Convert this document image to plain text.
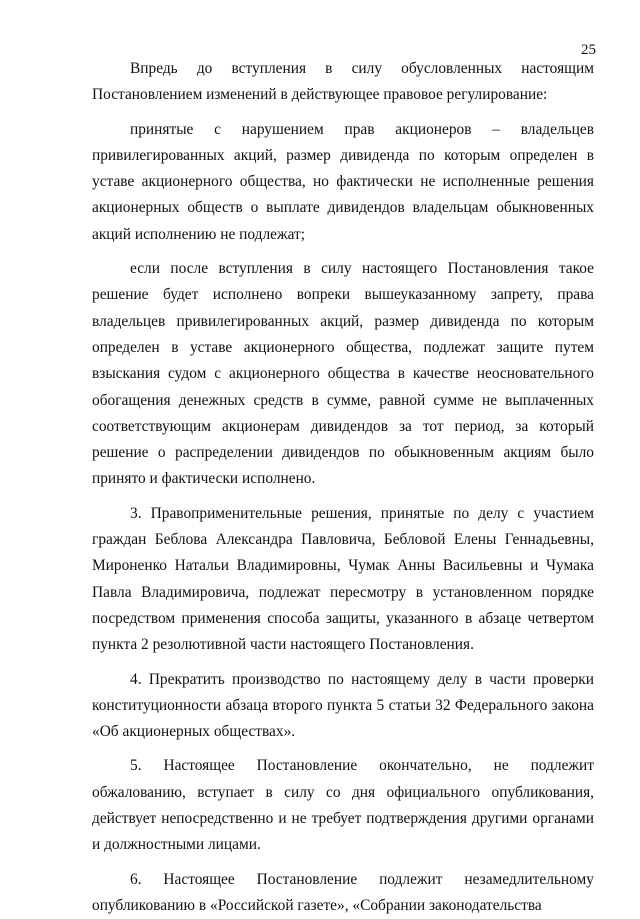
25

Впредь до вступления в силу обусловленных настоящим Постановлением изменений в действующее правовое регулирование:

принятые с нарушением прав акционеров – владельцев привилегированных акций, размер дивиденда по которым определен в уставе акционерного общества, но фактически не исполненные решения акционерных обществ о выплате дивидендов владельцам обыкновенных акций исполнению не подлежат;

если после вступления в силу настоящего Постановления такое решение будет исполнено вопреки вышеуказанному запрету, права владельцев привилегированных акций, размер дивиденда по которым определен в уставе акционерного общества, подлежат защите путем взыскания судом с акционерного общества в качестве неосновательного обогащения денежных средств в сумме, равной сумме не выплаченных соответствующим акционерам дивидендов за тот период, за который решение о распределении дивидендов по обыкновенным акциям было принято и фактически исполнено.

3. Правоприменительные решения, принятые по делу с участием граждан Беблова Александра Павловича, Бебловой Елены Геннадьевны, Мироненко Натальи Владимировны, Чумак Анны Васильевны и Чумака Павла Владимировича, подлежат пересмотру в установленном порядке посредством применения способа защиты, указанного в абзаце четвертом пункта 2 резолютивной части настоящего Постановления.

4. Прекратить производство по настоящему делу в части проверки конституционности абзаца второго пункта 5 статьи 32 Федерального закона «Об акционерных обществах».

5. Настоящее Постановление окончательно, не подлежит обжалованию, вступает в силу со дня официального опубликования, действует непосредственно и не требует подтверждения другими органами и должностными лицами.

6. Настоящее Постановление подлежит незамедлительному опубликованию в «Российской газете», «Собрании законодательства
